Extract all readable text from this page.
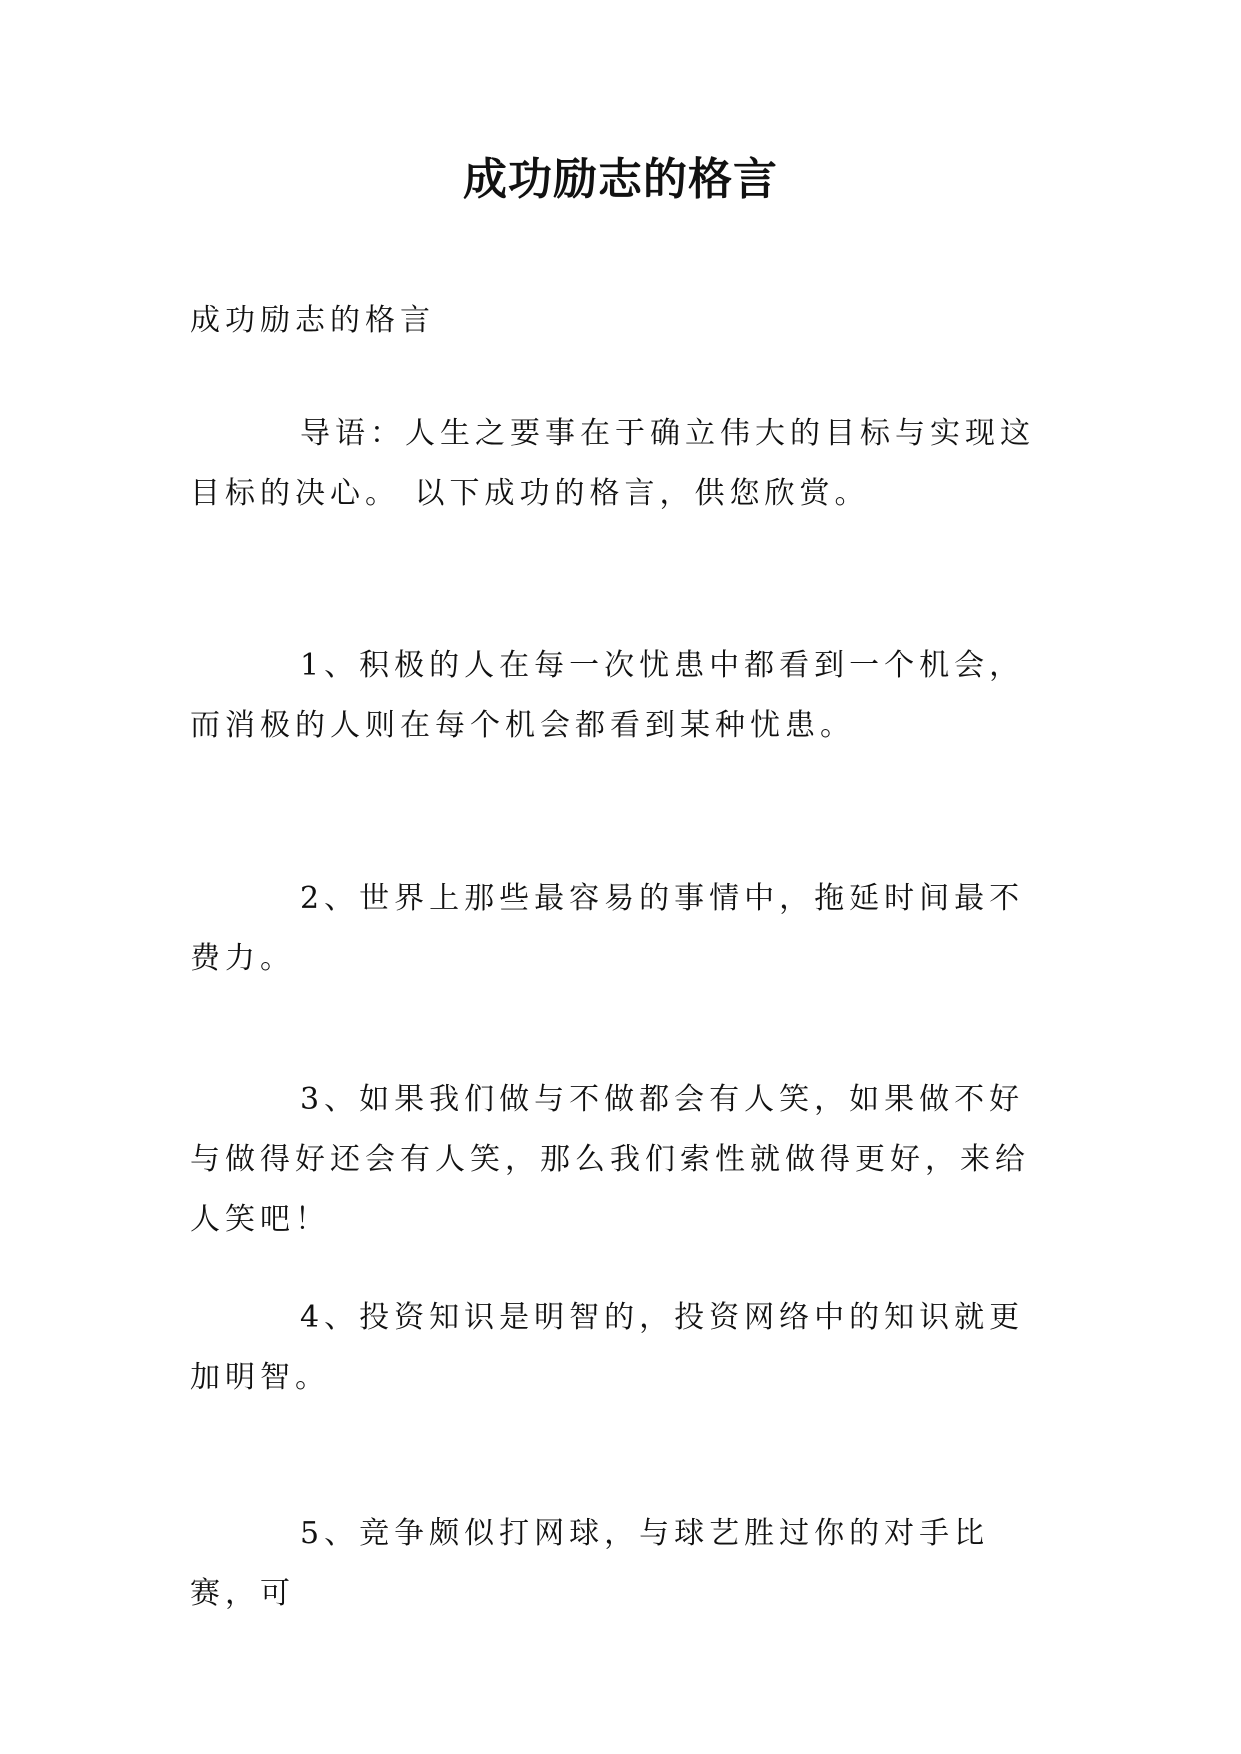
成功励志的格言
成功励志的格言
导语：人生之要事在于确立伟大的目标与实现这目标的决心。 以下成功的格言，供您欣赏。
1、积极的人在每一次忧患中都看到一个机会，而消极的人则在每个机会都看到某种忧患。
2、世界上那些最容易的事情中，拖延时间最不费力。
3、如果我们做与不做都会有人笑，如果做不好与做得好还会有人笑，那么我们索性就做得更好，来给人笑吧！
4、投资知识是明智的，投资网络中的知识就更加明智。
5、竞争颇似打网球，与球艺胜过你的对手比赛，可
